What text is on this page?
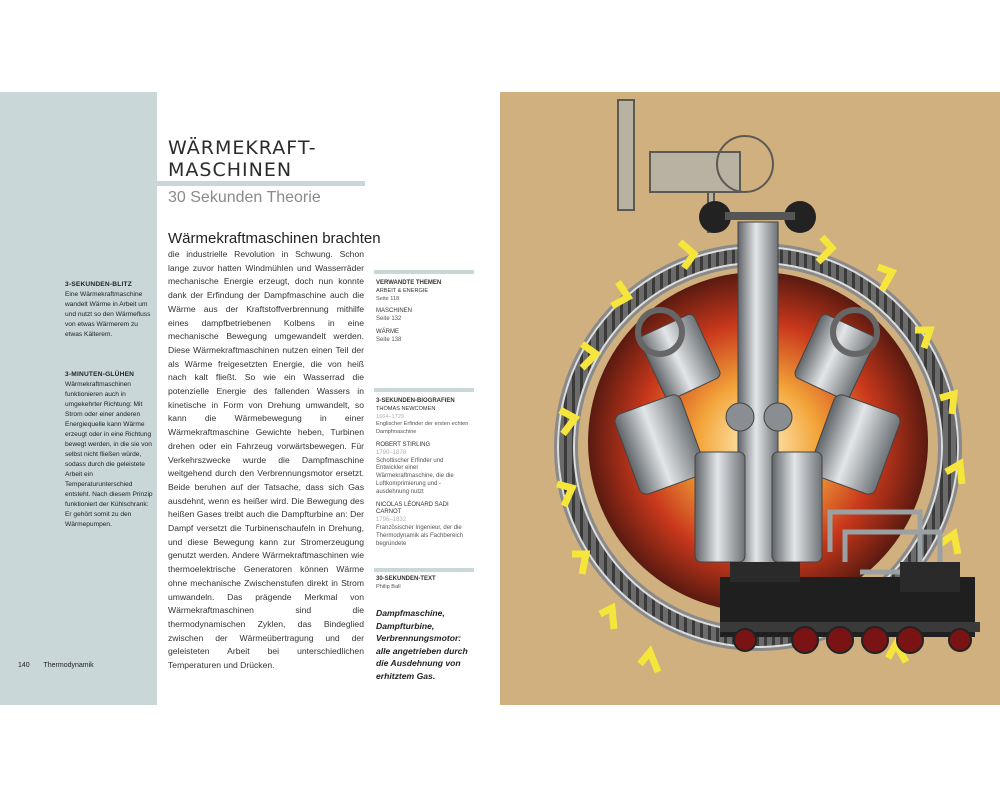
3-SEKUNDEN-BLITZ
Eine Wärmekraftmaschine wandelt Wärme in Arbeit um und nutzt so den Wärmefluss von etwas Wärmerem zu etwas Kälterem.
3-MINUTEN-GLÜHEN
Wärmekraftmaschinen funktionieren auch in umgekehrter Richtung: Mit Strom oder einer anderen Energiequelle kann Wärme erzeugt oder in eine Richtung bewegt werden, in die sie von selbst nicht fließen würde, sodass durch die geleistete Arbeit ein Temperaturunterschied entsteht. Nach diesem Prinzip funktioniert der Kühlschrank: Er gehört somit zu den Wärmepumpen.
140 Thermodynamik
WÄRMEKRAFT-
MASCHINEN
30 Sekunden Theorie
Wärmekraftmaschinen brachten

die industrielle Revolution in Schwung. Schon lange zuvor hatten Windmühlen und Wasserräder mechanische Energie erzeugt, doch nun konnte dank der Erfindung der Dampfmaschine auch die Wärme aus der Kraftstoffverbrennung mithilfe eines dampfbetriebenen Kolbens in eine mechanische Bewegung umgewandelt werden. Diese Wärmekraftmaschinen nutzen einen Teil der als Wärme freigesetzten Energie, die von heiß nach kalt fließt. So wie ein Wasserrad die potenzielle Energie des fallenden Wassers in kinetische in Form von Drehung umwandelt, so kann die Wärmebewegung in einer Wärmekraftmaschine Gewichte heben, Turbinen drehen oder ein Fahrzeug vorwärtsbewegen. Für Verkehrszwecke wurde die Dampfmaschine weitgehend durch den Verbrennungsmotor ersetzt. Beide beruhen auf der Tatsache, dass sich Gas ausdehnt, wenn es heißer wird. Die Bewegung des heißen Gases treibt auch die Dampfturbine an: Der Dampf versetzt die Turbinenschaufeln in Drehung, und diese Bewegung kann zur Stromerzeugung genutzt werden. Andere Wärmekraftmaschinen wie thermoelektrische Generatoren können Wärme ohne mechanische Zwischenstufen direkt in Strom umwandeln. Das prägende Merkmal von Wärmekraftmaschinen sind die thermodynamischen Zyklen, das Bindeglied zwischen der Wärmeübertragung und der geleisteten Arbeit bei unterschiedlichen Temperaturen und Drücken.

VERWANDTE THEMEN
ARBEIT & ENERGIE
Seite 118
MASCHINEN
Seite 132
WÄRME
Seite 138
3-SEKUNDEN-BIOGRAFIEN
THOMAS NEWCOMEN
1664–1729
Englischer Erfinder der ersten echten Dampfmaschine
ROBERT STIRLING
1790–1878
Schottischer Erfinder und Entwickler einer Wärmekraftmaschine, die die Luftkomprimierung und -ausdehnung nutzt
NICOLAS LÉONARD SADI CARNOT
1796–1832
Französischer Ingenieur, der die Thermodynamik als Fachbereich begründete
30-SEKUNDEN-TEXT
Philip Ball
Dampfmaschine, Dampfturbine, Verbrennungsmotor: alle angetrieben durch die Ausdehnung von erhitztem Gas.
